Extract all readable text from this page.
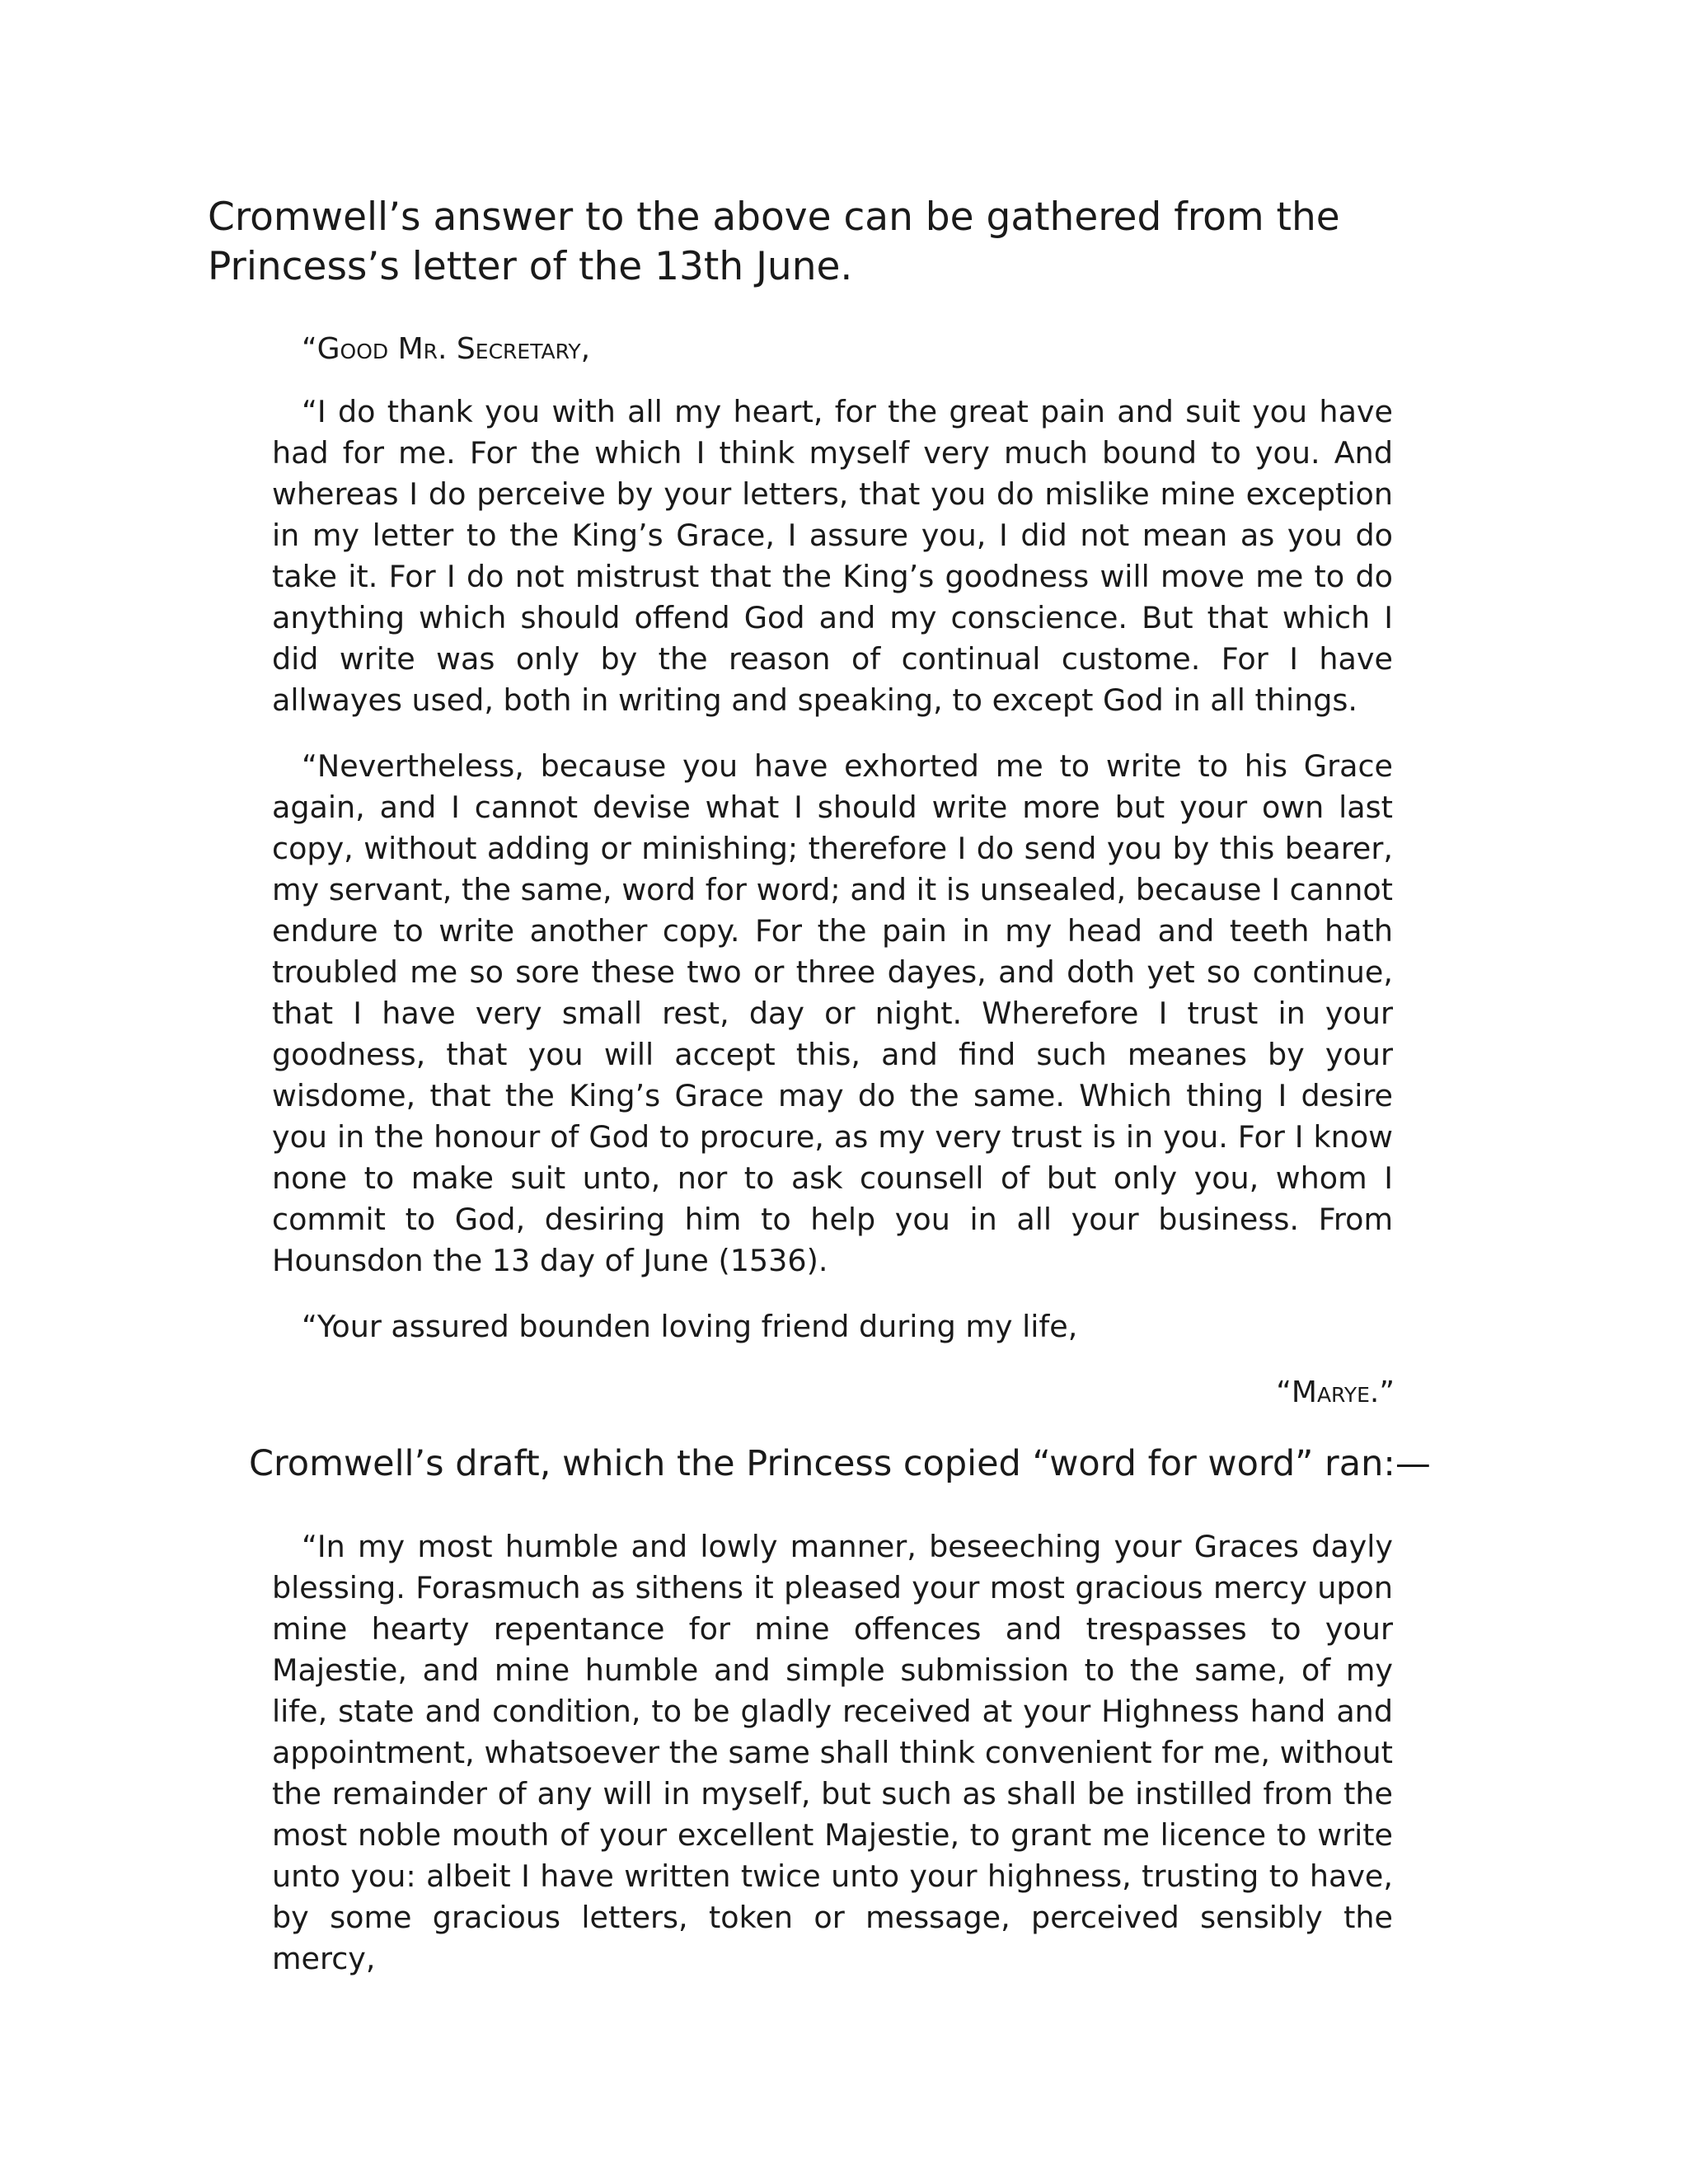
Cromwell’s answer to the above can be gathered from the Princess’s letter of the 13th June.

“Good Mr. Secretary,

“I do thank you with all my heart, for the great pain and suit you have had for me. For the which I think myself very much bound to you. And whereas I do perceive by your letters, that you do mislike mine exception in my letter to the King’s Grace, I assure you, I did not mean as you do take it. For I do not mistrust that the King’s goodness will move me to do anything which should offend God and my conscience. But that which I did write was only by the reason of continual custome. For I have allwayes used, both in writing and speaking, to except God in all things.

“Nevertheless, because you have exhorted me to write to his Grace again, and I cannot devise what I should write more but your own last copy, without adding or minishing; therefore I do send you by this bearer, my servant, the same, word for word; and it is unsealed, because I cannot endure to write another copy. For the pain in my head and teeth hath troubled me so sore these two or three dayes, and doth yet so continue, that I have very small rest, day or night. Wherefore I trust in your goodness, that you will accept this, and find such meanes by your wisdome, that the King’s Grace may do the same. Which thing I desire you in the honour of God to procure, as my very trust is in you. For I know none to make suit unto, nor to ask counsell of but only you, whom I commit to God, desiring him to help you in all your business. From Hounsdon the 13 day of June (1536).

“Your assured bounden loving friend during my life,

“Marye.”

Cromwell’s draft, which the Princess copied “word for word” ran:—

“In my most humble and lowly manner, beseeching your Graces dayly blessing. Forasmuch as sithens it pleased your most gracious mercy upon mine hearty repentance for mine offences and trespasses to your Majestie, and mine humble and simple submission to the same, of my life, state and condition, to be gladly received at your Highness hand and appointment, whatsoever the same shall think convenient for me, without the remainder of any will in myself, but such as shall be instilled from the most noble mouth of your excellent Majestie, to grant me licence to write unto you: albeit I have written twice unto your highness, trusting to have, by some gracious letters, token or message, perceived sensibly the mercy,
